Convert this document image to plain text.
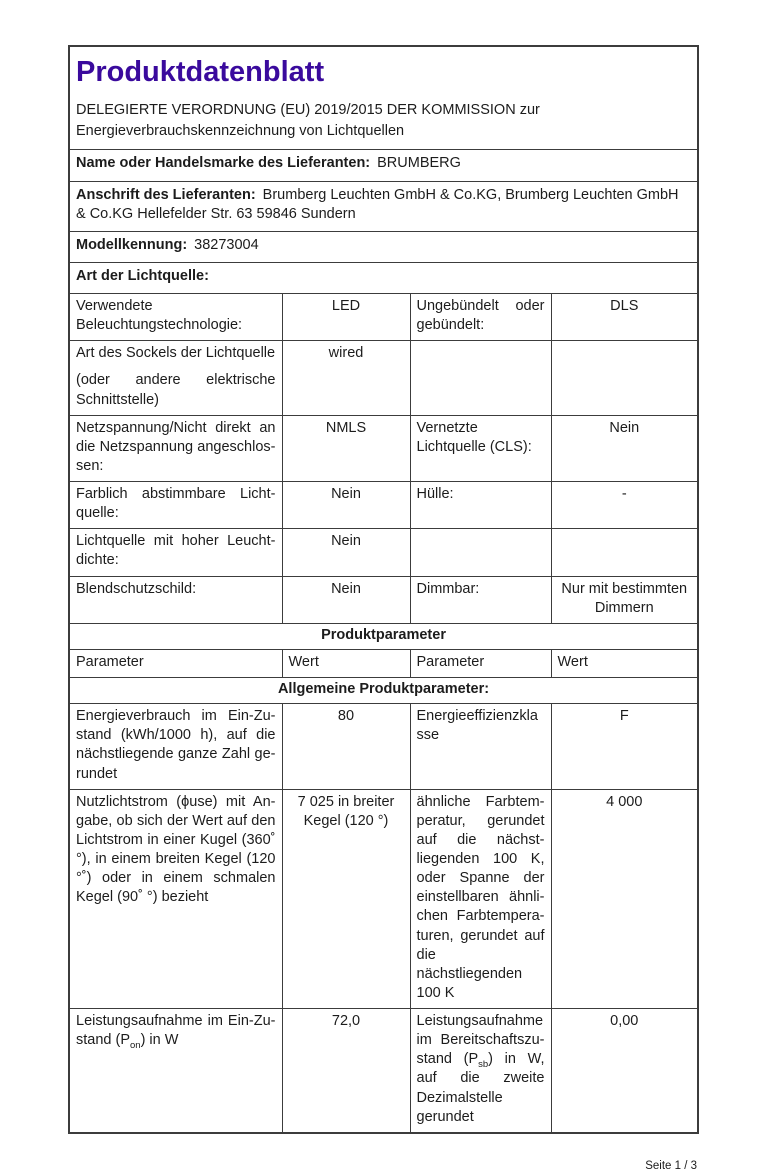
Produktdatenblatt
DELEGIERTE VERORDNUNG (EU) 2019/2015 DER KOMMISSION zur Energieverbrauchskennzeichnung von Lichtquellen

Name oder Handelsmarke des Lieferanten: BRUMBERG			
Anschrift des Lieferanten: Brumberg Leuchten GmbH & Co.KG, Brumberg Leuchten GmbH & Co.KG Hellefelder Str. 63 59846 Sundern			
Modellkennung: 38273004			
Art der Lichtquelle:			
Verwendete Beleuchtungstechnologie:	LED	Ungebündelt oder gebündelt:	DLS

Art des Sockels der Lichtquelle
(oder andere elektrische Schnittstelle)	wired		
Netzspannung/Nicht direkt an die Netzspannung angeschlossen:	NMLS	Vernetzte Lichtquelle (CLS):	Nein
Farblich abstimmbare Lichtquelle:	Nein	Hülle:	-
Lichtquelle mit hoher Leuchtdichte:	Nein		
Blendschutzschild:	Nein	Dimmbar:	Nur mit bestimmten Dimmern
Produktparameter			
Parameter	Wert	Parameter	Wert
Allgemeine Produktparameter:			
Energieverbrauch im Ein-Zustand (kWh/1000 h), auf die nächstliegende ganze Zahl gerundet	80	Energieeffizienzklasse	F
Nutzlichtstrom (ϕuse) mit Angabe, ob sich der Wert auf den Lichtstrom in einer Kugel (360˚ °), in einem breiten Kegel (120 °˚) oder in einem schmalen Kegel (90˚ °) bezieht	7 025 in breiter Kegel (120 °)	ähnliche Farbtemperatur, gerundet auf die nächstliegenden 100 K, oder Spanne der einstellbaren ähnlichen Farbtemperaturen, gerundet auf die nächstliegenden 100 K	4 000
Leistungsaufnahme im Ein-Zustand $(P_{on})$ in W	72,0	Leistungsaufnahme im Bereitschaftszustand $(P_{sb})$ in W, auf die zweite Dezimalstelle gerundet	0,00
Seite 1 / 3
